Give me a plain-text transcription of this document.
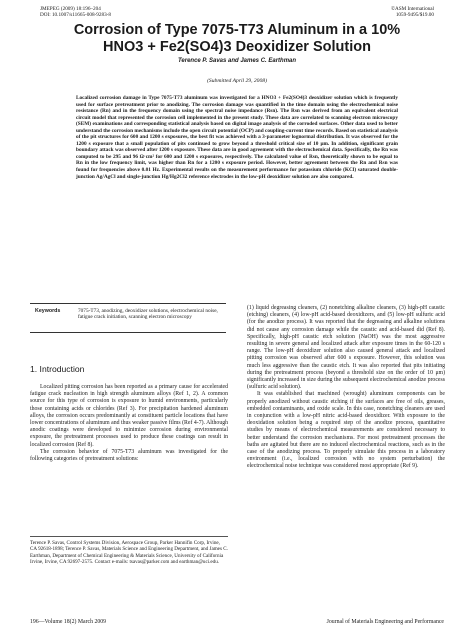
JMEPEG (2009) 18:196–204
DOI: 10.1007/s11665-008-9283-8
©ASM International
1059-9495/$19.00
Corrosion of Type 7075-T73 Aluminum in a 10%
HNO3 + Fe2(SO4)3 Deoxidizer Solution
Terence P. Savas and James C. Earthman
(Submitted April 29, 2008)
Localized corrosion damage in Type 7075-T73 aluminum was investigated for a HNO3 + Fe2(SO4)3 deoxidizer solution which is frequently used for surface pretreatment prior to anodizing. The corrosion damage was quantified in the time domain using the electrochemical noise resistance (Rn) and in the frequency domain using the spectral noise impedance (Rsn). The Rsn was derived from an equivalent electrical circuit model that represented the corrosion cell implemented in the present study. These data are correlated to scanning electron microscopy (SEM) examinations and corresponding statistical analysis based on digital image analysis of the corroded surfaces. Other data used to better understand the corrosion mechanisms include the open circuit potential (OCP) and coupling-current time records. Based on statistical analysis of the pit structures for 600 and 1200 s exposures, the best fit was achieved with a 3-parameter lognormal distribution. It was observed for the 1200 s exposure that a small population of pits continued to grow beyond a threshold critical size of 10 μm. In addition, significant grain boundary attack was observed after 1200 s exposure. These data are in good agreement with the electrochemical data. Specifically, the Rn was computed to be 295 and 96 Ω·cm² for 600 and 1200 s exposures, respectively. The calculated value of Rsn, theoretically shown to be equal to Rn in the low frequency limit, was higher than Rn for a 1200 s exposure period. However, better agreement between the Rn and Rsn was found for frequencies above 0.01 Hz. Experimental results on the measurement performance for potassium chloride (KCl) saturated double-junction Ag/AgCl and single-junction Hg/Hg2Cl2 reference electrodes in the low-pH deoxidizer solution are also compared.
Keywords	7075-T73, anodizing, deoxidizer solutions, electrochemical noise, fatigue crack initiation, scanning electron microscopy
1. Introduction

Localized pitting corrosion has been reported as a primary cause for accelerated fatigue crack nucleation in high strength aluminum alloys (Ref 1, 2). A common source for this type of corrosion is exposure to humid environments, particularly those containing acids or chlorides (Ref 3). For precipitation hardened aluminum alloys, the corrosion occurs predominantly at constituent particle locations that have lower concentrations of aluminum and thus weaker passive films (Ref 4-7). Although anodic coatings were developed to minimize corrosion during environmental exposure, the pretreatment processes used to produce these coatings can result in localized corrosion (Ref 8).

The corrosion behavior of 7075-T73 aluminum was investigated for the following categories of pretreatment solutions:

Terence P. Savas, Control Systems Division, Aerospace Group, Parker Hannifin Corp, Irvine, CA 92618-1898; Terence P. Savas, Materials Science and Engineering Department, and James C. Earthman, Department of Chemical Engineering & Materials Science, University of California Irvine, Irvine, CA 92697-2575. Contact e-mails: tsavas@parker.com and earthman@uci.edu.

(1) liquid degreasing cleaners, (2) nonetching alkaline cleaners, (3) high-pH caustic (etching) cleaners, (4) low-pH acid-based deoxidizers, and (5) low-pH sulfuric acid (for the anodize process). It was reported that the degreasing and alkaline solutions did not cause any corrosion damage while the caustic and acid-based did (Ref 8). Specifically, high-pH caustic etch solution (NaOH) was the most aggressive resulting in severe general and localized attack after exposure times in the 60-120 s range. The low-pH deoxidizer solution also caused general attack and localized pitting corrosion was observed after 600 s exposure. However, this solution was much less aggressive than the caustic etch. It was also reported that pits initiating during the pretreatment process (beyond a threshold size on the order of 10 μm) significantly increased in size during the subsequent electrochemical anodize process (sulfuric acid solution).

It was established that machined (wrought) aluminum components can be properly anodized without caustic etching if the surfaces are free of oils, greases, embedded contaminants, and oxide scale. In this case, nonetching cleaners are used in conjunction with a low-pH nitric acid-based deoxidizer. With exposure to the deoxidation solution being a required step of the anodize process, quantitative studies by means of electrochemical measurements are considered necessary to better understand the corrosion mechanisms. For most pretreatment processes the baths are agitated but there are no induced electrochemical reactions, such as in the case of the anodizing process. To properly simulate this process in a laboratory environment (i.e., localized corrosion with no system perturbation) the electrochemical noise technique was considered most appropriate (Ref 9).

196—Volume 18(2) March 2009	Journal of Materials Engineering and Performance
